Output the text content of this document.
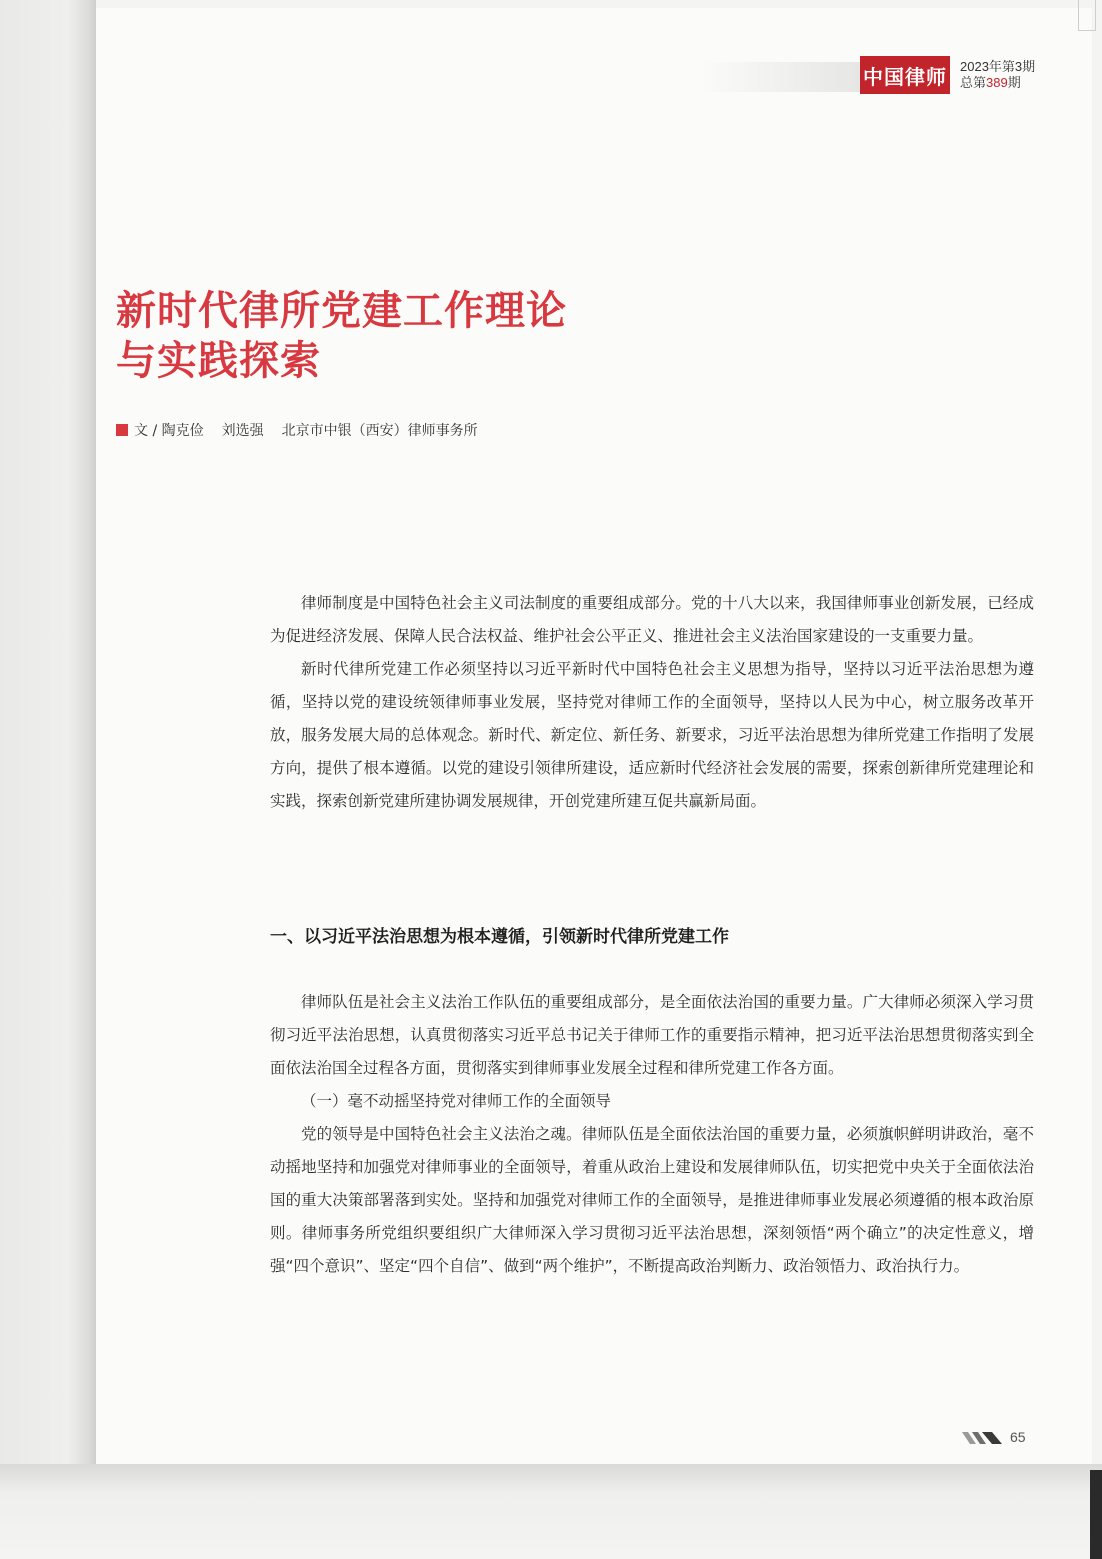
中国律师 2023年第3期
总第389期
新时代律所党建工作理论
与实践探索
文 / 陶克俭 刘选强 北京市中银（西安）律师事务所

律师制度是中国特色社会主义司法制度的重要组成部分。党的十八大以来，我国律师事业创新发展，已经成为促进经济发展、保障人民合法权益、维护社会公平正义、推进社会主义法治国家建设的一支重要力量。

新时代律所党建工作必须坚持以习近平新时代中国特色社会主义思想为指导，坚持以习近平法治思想为遵循，坚持以党的建设统领律师事业发展，坚持党对律师工作的全面领导，坚持以人民为中心，树立服务改革开放，服务发展大局的总体观念。新时代、新定位、新任务、新要求，习近平法治思想为律所党建工作指明了发展方向，提供了根本遵循。以党的建设引领律所建设，适应新时代经济社会发展的需要，探索创新律所党建理论和实践，探索创新党建所建协调发展规律，开创党建所建互促共赢新局面。

一、以习近平法治思想为根本遵循，引领新时代律所党建工作

律师队伍是社会主义法治工作队伍的重要组成部分，是全面依法治国的重要力量。广大律师必须深入学习贯彻习近平法治思想，认真贯彻落实习近平总书记关于律师工作的重要指示精神，把习近平法治思想贯彻落实到全面依法治国全过程各方面，贯彻落实到律师事业发展全过程和律所党建工作各方面。

（一）毫不动摇坚持党对律师工作的全面领导

党的领导是中国特色社会主义法治之魂。律师队伍是全面依法治国的重要力量，必须旗帜鲜明讲政治，毫不动摇地坚持和加强党对律师事业的全面领导，着重从政治上建设和发展律师队伍，切实把党中央关于全面依法治国的重大决策部署落到实处。坚持和加强党对律师工作的全面领导，是推进律师事业发展必须遵循的根本政治原则。律师事务所党组织要组织广大律师深入学习贯彻习近平法治思想，深刻领悟“两个确立”的决定性意义，增强“四个意识”、坚定“四个自信”、做到“两个维护”，不断提高政治判断力、政治领悟力、政治执行力。

65
